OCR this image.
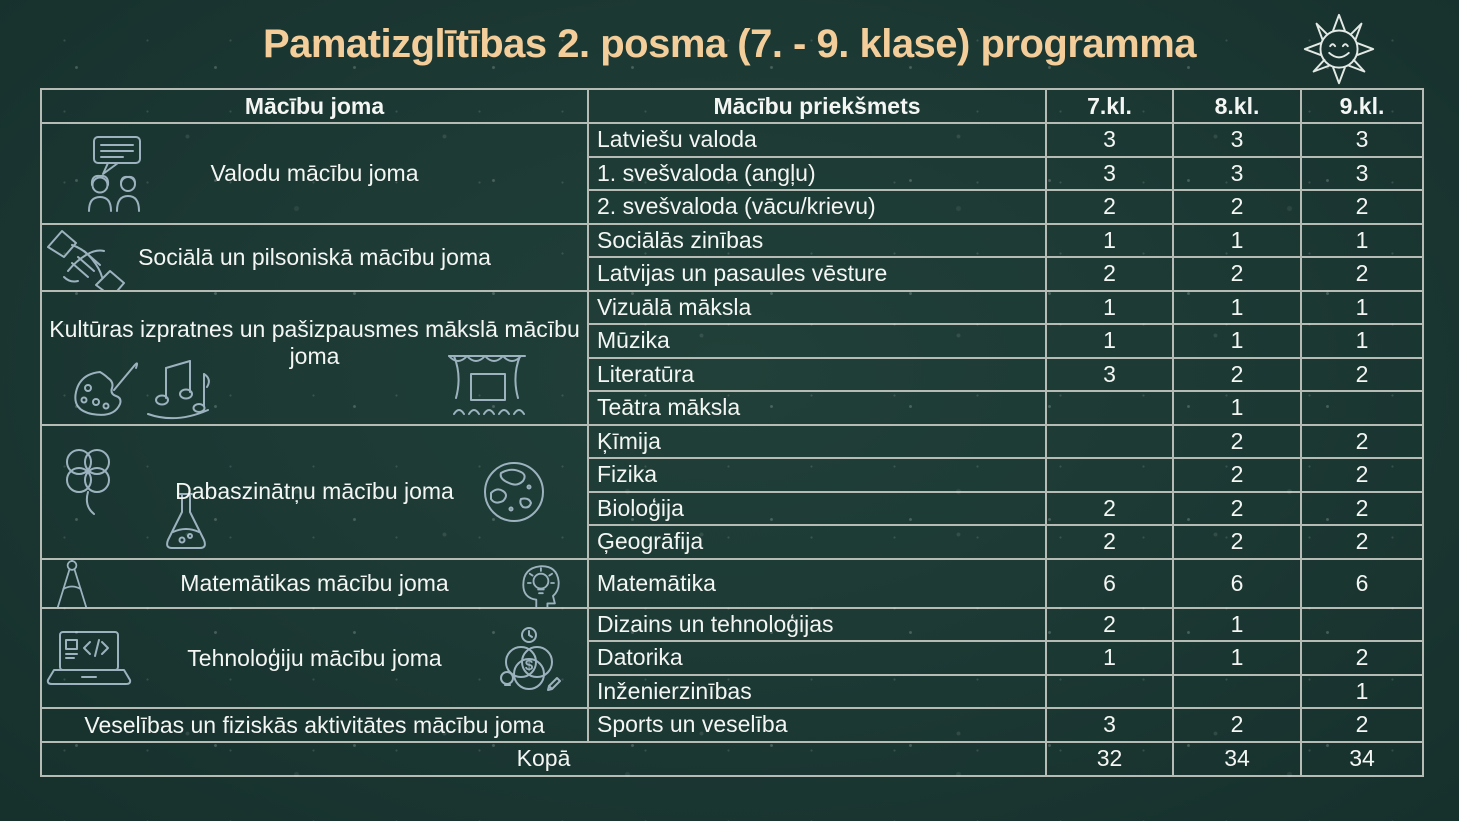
Pamatizglītības 2. posma (7. - 9. klase) programma
Mācību joma	Mācību priekšmets	7.kl.	8.kl.	9.kl.

Valodu mācību joma	Latviešu valoda	3	3	3
	1. svešvaloda (angļu)	3	3	3
	2. svešvaloda (vācu/krievu)	2	2	2

Sociālā un pilsoniskā mācību joma	Sociālās zinības	1	1	1
	Latvijas un pasaules vēsture	2	2	2

Kultūras izpratnes un pašizpausmes mākslā mācību joma	Vizuālā māksla	1	1	1
	Mūzika	1	1	1
	Literatūra	3	2	2
	Teātra māksla		1	

Dabaszinātņu mācību joma	Ķīmija		2	2
	Fizika		2	2
	Bioloģija	2	2	2
	Ģeogrāfija	2	2	2

Matemātikas mācību joma	Matemātika	6	6	6

$
Tehnoloģiju mācību joma	Dizains un tehnoloģijas	2	1	
	Datorika	1	1	2
	Inženierzinības			1

Veselības un fiziskās aktivitātes mācību joma	Sports un veselība	3	2	2
Kopā		32	34	34
